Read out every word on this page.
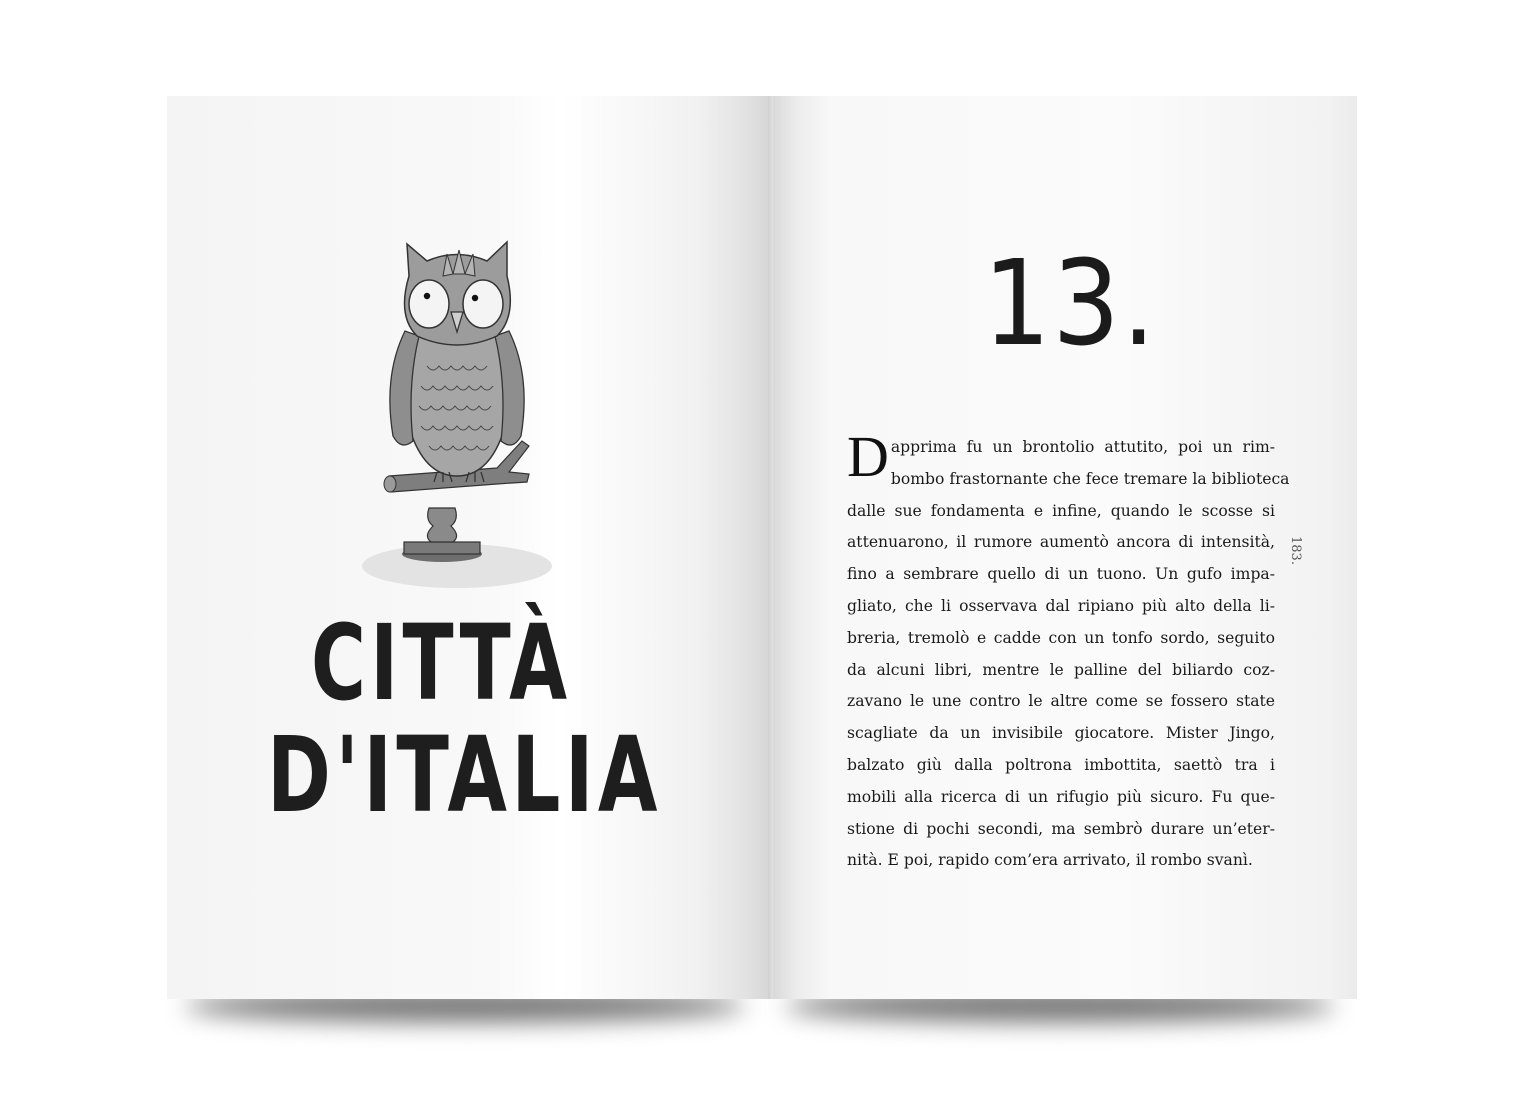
CITTÀ
D'ITALIA
13.
D apprima fu un brontolio attutito, poi un rim-
bombo frastornante che fece tremare la biblioteca
dalle sue fondamenta e infine, quando le scosse si
attenuarono, il rumore aumentò ancora di intensità,
fino a sembrare quello di un tuono. Un gufo impa-
gliato, che li osservava dal ripiano più alto della li-
breria, tremolò e cadde con un tonfo sordo, seguito
da alcuni libri, mentre le palline del biliardo coz-
zavano le une contro le altre come se fossero state
scagliate da un invisibile giocatore. Mister Jingo,
balzato giù dalla poltrona imbottita, saettò tra i
mobili alla ricerca di un rifugio più sicuro. Fu que-
stione di pochi secondi, ma sembrò durare un’eter-
nità. E poi, rapido com’era arrivato, il rombo svanì.
183.
